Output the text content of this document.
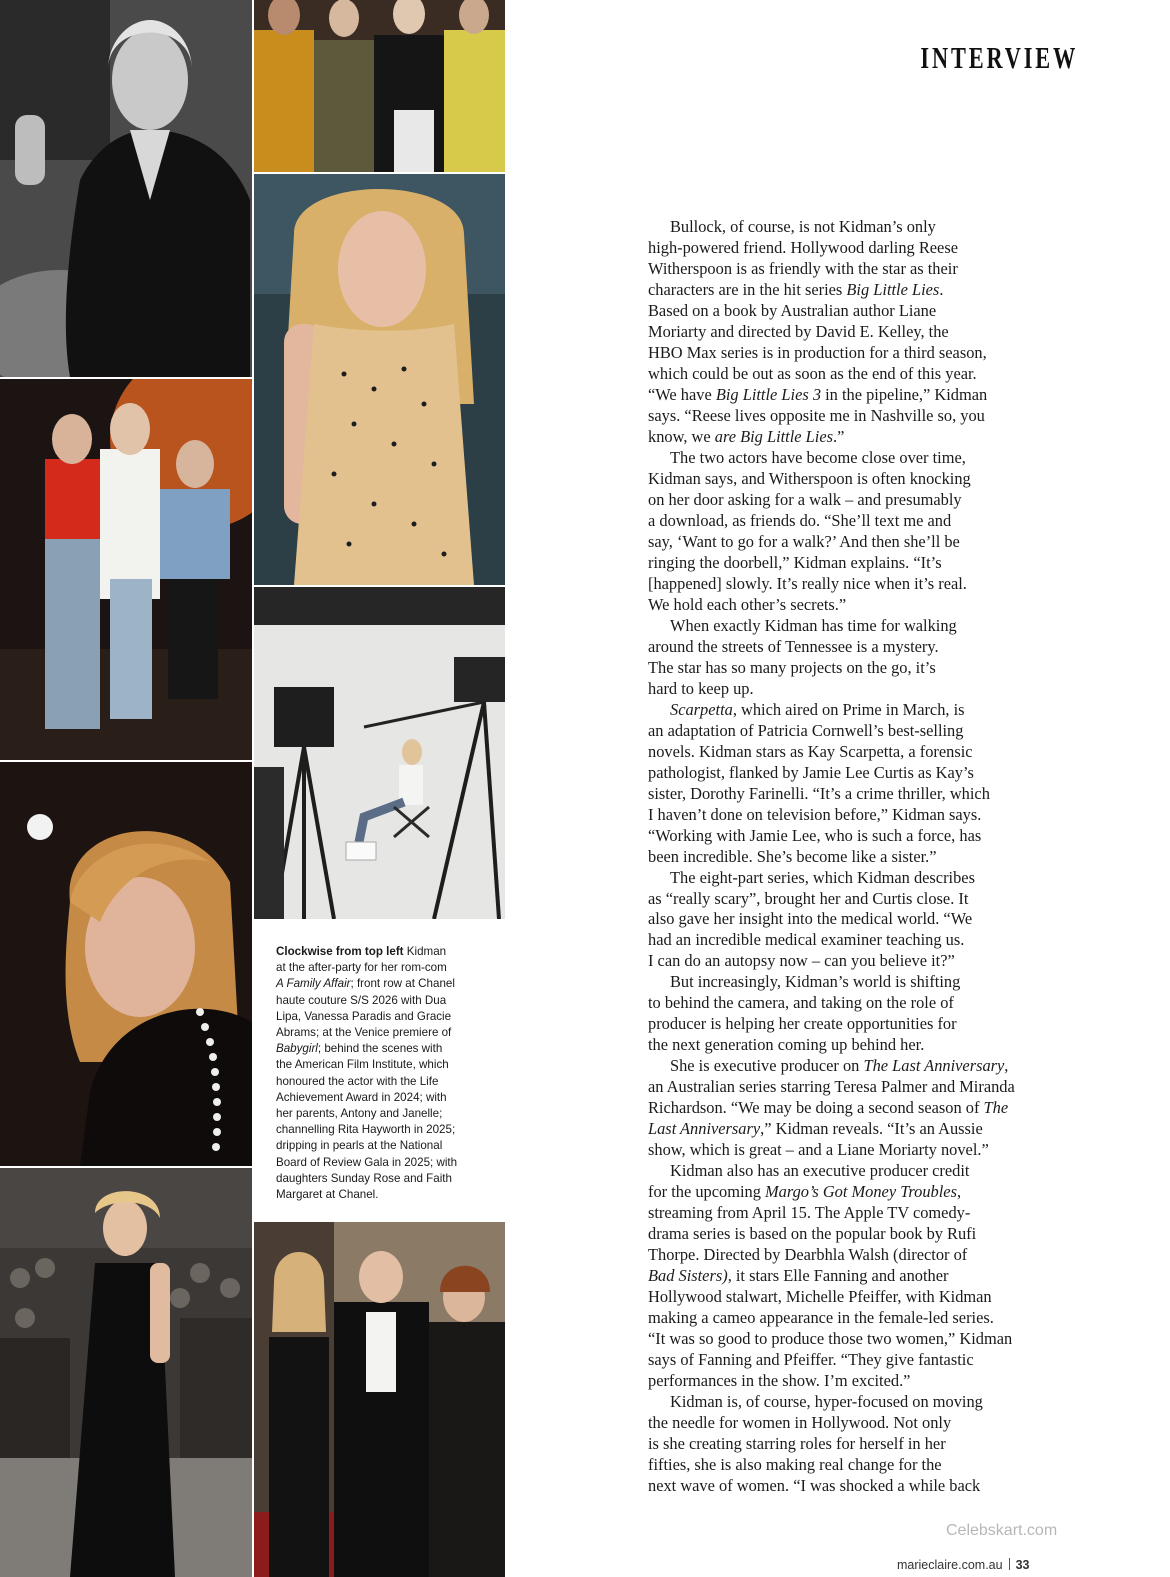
INTERVIEW
Clockwise from top left Kidman
at the after-party for her rom-com
A Family Affair; front row at Chanel
haute couture S/S 2026 with Dua
Lipa, Vanessa Paradis and Gracie
Abrams; at the Venice premiere of
Babygirl; behind the scenes with
the American Film Institute, which
honoured the actor with the Life
Achievement Award in 2024; with
her parents, Antony and Janelle;
channelling Rita Hayworth in 2025;
dripping in pearls at the National
Board of Review Gala in 2025; with
daughters Sunday Rose and Faith
Margaret at Chanel.
Bullock, of course, is not Kidman’s only
high-powered friend. Hollywood darling Reese
Witherspoon is as friendly with the star as their
characters are in the hit series Big Little Lies.
Based on a book by Australian author Liane
Moriarty and directed by David E. Kelley, the
HBO Max series is in production for a third season,
which could be out as soon as the end of this year.
“We have Big Little Lies 3 in the pipeline,” Kidman
says. “Reese lives opposite me in Nashville so, you
know, we are Big Little Lies.”
The two actors have become close over time,
Kidman says, and Witherspoon is often knocking
on her door asking for a walk – and presumably
a download, as friends do. “She’ll text me and
say, ‘Want to go for a walk?’ And then she’ll be
ringing the doorbell,” Kidman explains. “It’s
[happened] slowly. It’s really nice when it’s real.
We hold each other’s secrets.”
When exactly Kidman has time for walking
around the streets of Tennessee is a mystery.
The star has so many projects on the go, it’s
hard to keep up.
Scarpetta, which aired on Prime in March, is
an adaptation of Patricia Cornwell’s best-selling
novels. Kidman stars as Kay Scarpetta, a forensic
pathologist, flanked by Jamie Lee Curtis as Kay’s
sister, Dorothy Farinelli. “It’s a crime thriller, which
I haven’t done on television before,” Kidman says.
“Working with Jamie Lee, who is such a force, has
been incredible. She’s become like a sister.”
The eight-part series, which Kidman describes
as “really scary”, brought her and Curtis close. It
also gave her insight into the medical world. “We
had an incredible medical examiner teaching us.
I can do an autopsy now – can you believe it?”
But increasingly, Kidman’s world is shifting
to behind the camera, and taking on the role of
producer is helping her create opportunities for
the next generation coming up behind her.
She is executive producer on The Last Anniversary,
an Australian series starring Teresa Palmer and Miranda
Richardson. “We may be doing a second season of The
Last Anniversary,” Kidman reveals. “It’s an Aussie
show, which is great – and a Liane Moriarty novel.”
Kidman also has an executive producer credit
for the upcoming Margo’s Got Money Troubles,
streaming from April 15. The Apple TV comedy-
drama series is based on the popular book by Rufi
Thorpe. Directed by Dearbhla Walsh (director of
Bad Sisters), it stars Elle Fanning and another
Hollywood stalwart, Michelle Pfeiffer, with Kidman
making a cameo appearance in the female-led series.
“It was so good to produce those two women,” Kidman
says of Fanning and Pfeiffer. “They give fantastic
performances in the show. I’m excited.”
Kidman is, of course, hyper-focused on moving
the needle for women in Hollywood. Not only
is she creating starring roles for herself in her
fifties, she is also making real change for the
next wave of women. “I was shocked a while back
Celebskart.com
marieclaire.com.au 33
